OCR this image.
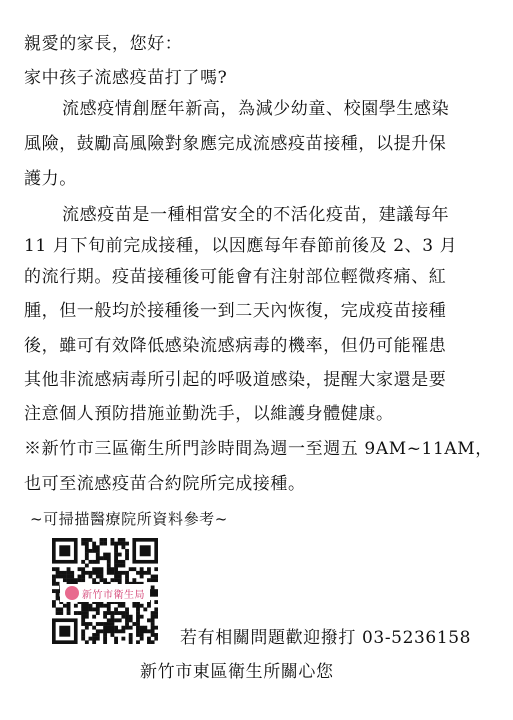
親愛的家長，您好：
家中孩子流感疫苗打了嗎?
流感疫情創歷年新高，為減少幼童、校園學生感染
風險，鼓勵高風險對象應完成流感疫苗接種，以提升保
護力。
流感疫苗是一種相當安全的不活化疫苗，建議每年
11 月下旬前完成接種，以因應每年春節前後及 2、3 月
的流行期。疫苗接種後可能會有注射部位輕微疼痛、紅
腫，但一般均於接種後一到二天內恢復，完成疫苗接種
後，雖可有效降低感染流感病毒的機率，但仍可能罹患
其他非流感病毒所引起的呼吸道感染，提醒大家還是要
注意個人預防措施並勤洗手，以維護身體健康。
※新竹市三區衛生所門診時間為週一至週五 9AM~11AM，
也可至流感疫苗合約院所完成接種。
~可掃描醫療院所資料參考~
新竹市衛生局
若有相關問題歡迎撥打 03-5236158
新竹市東區衛生所關心您
